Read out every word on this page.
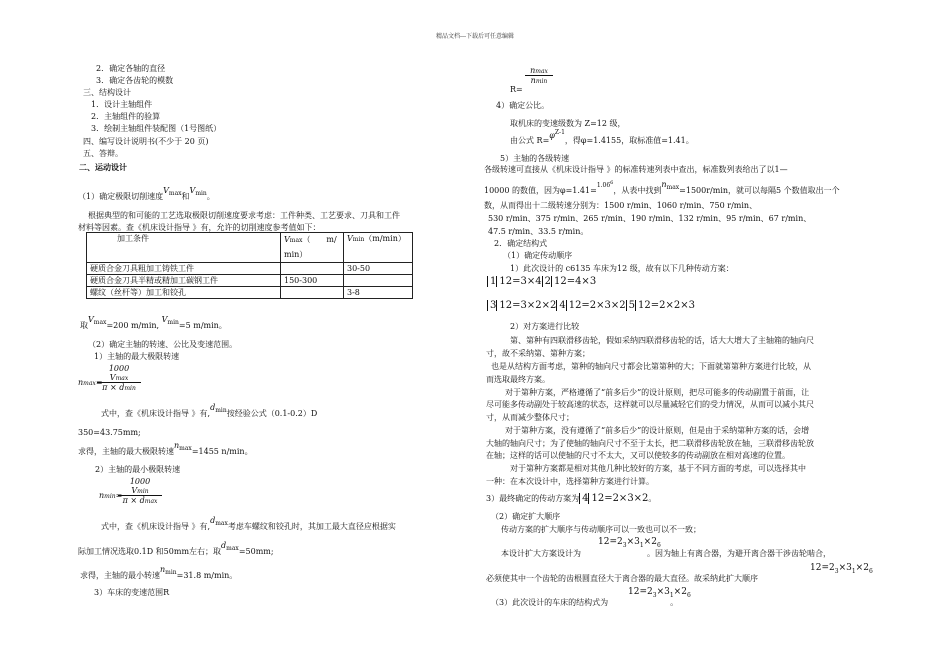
精品文档---下载后可任意编辑
2．确定各轴的直径
3．确定各齿轮的模数
三、结构设计
1．设计主轴组件
2．主轴组件的验算
3．绘制主轴组件装配图（1号图纸）
四、编写设计说明书(不少于 20 页)
五、答辩。
二、运动设计
（1）确定极限切削速度$V^{max}$和$V^{min}$。
根据典型的和可能的工艺选取极限切削速度要求考虑：工件种类、工艺要求、刀具和工件
材料等因素。查《机床设计指导 》有，允许的切削速度参考值如下：
加工条件	Vmax（　　m/
min）	Vmin（m/min）
硬质合金刀具粗加工铸铁工件		30-50
硬质合金刀具半精或精加工碳钢工件	150-300	
螺纹（丝杆等）加工和铰孔		3-8
取$V^{max}=200$ m/min, $V^{min}=5$ m/min。
（2）确定主轴的转速、公比及变速范围。
1）主轴的最大极限转速
1000 Vmax
π × dmin
nmax=
式中，查《机床设计指导 》有$,d^{min}$按经验公式（0.1-0.2）D
350=43.75mm;
求得，主轴的最大极限转速$n^{max}=1455$ n/min。
2）主轴的最小极限转速
1000 Vmin
π × dmax
nmin=
式中，查《机床设计指导 》有$,d^{max}$考虑车螺纹和铰孔时，其加工最大直径应根据实
际加工情况选取0.1D 和50mm左右；取$d^{max}=50mm$;
求得，主轴的最小转速$n^{min}=31.8$ m/min。
3）车床的变速范围R
nmax
nmin
R=
4）确定公比。
取机床的变速级数为 Z=12 级，
由公式 $R=\varphi^{Z-1}$，得φ=1.4155，取标准值=1.41。
5）主轴的各级转速
各级转速可直接从《机床设计指导 》的标准转速列表中查出，标准数列表给出了以1—
10000 的数值，因为φ=1.41=$^{1.066}$，从表中找到$n^{max}=1500r/\min$，就可以每隔5 个数值取出一个
数，从而得出十二级转速分别为：1500 r/min、1060 r/min、750 r/min、
530 r/min、375 r/min、265 r/min、190 r/min、132 r/min、95 r/min、67 r/min、
47.5 r/min、33.5 r/min。
2．确定结构式
（1）确定传动顺序
1）此次设计的 c6135 车床为12 级，故有以下几种传动方案：
1 12=3×4 2 12=4×3
3 12=3×2×2 4 12=2×3×2 5 12=2×2×3
2）对方案进行比较
第、第种有四联滑移齿轮，假如采纳四联滑移齿轮的话，话大大增大了主轴箱的轴向尺
寸，故不采纳第、第种方案；
也是从结构方面考虑，第种的轴向尺寸都会比第第种的大；下面就第第种方案进行比较，从
而选取最终方案。
对于第种方案，严格遵循了“前多后少”的设计原则，把尽可能多的传动副置于前面，让
尽可能多传动副处于较高速的状态，这样就可以尽量减轻它们的受力情况，从而可以减小其尺
寸，从而减少整体尺寸；
对于第种方案，没有遵循了“前多后少”的设计原则，但是由于采纳第种方案的话，会增
大轴的轴向尺寸；为了使轴的轴向尺寸不至于太长，把二联滑移齿轮放在轴，三联滑移齿轮放
在轴；这样的话可以使轴的尺寸不太大，又可以使较多的传动副放在相对高速的位置。
对于第种方案都是相对其他几种比较好的方案，基于不同方面的考虑，可以选择其中
一种：在本次设计中，选择第种方案进行计算。
3）最终确定的传动方案为 4 12=2×3×2。
（2）确定扩大顺序
传动方案的扩大顺序与传动顺序可以一致也可以不一致；
$12=2_3\times 3_1\times 2_6$
本设计扩大方案设计为	。因为轴上有离合器，为避开离合器干涉齿轮啮合，
$12=2_3\times 3_1\times 2_6$
必须使其中一个齿轮的齿根圆直径大于离合器的最大直径。故采纳此扩大顺序
$12=2_3\times 3_1\times 2_6$
（3）此次设计的车床的结构式为	。
